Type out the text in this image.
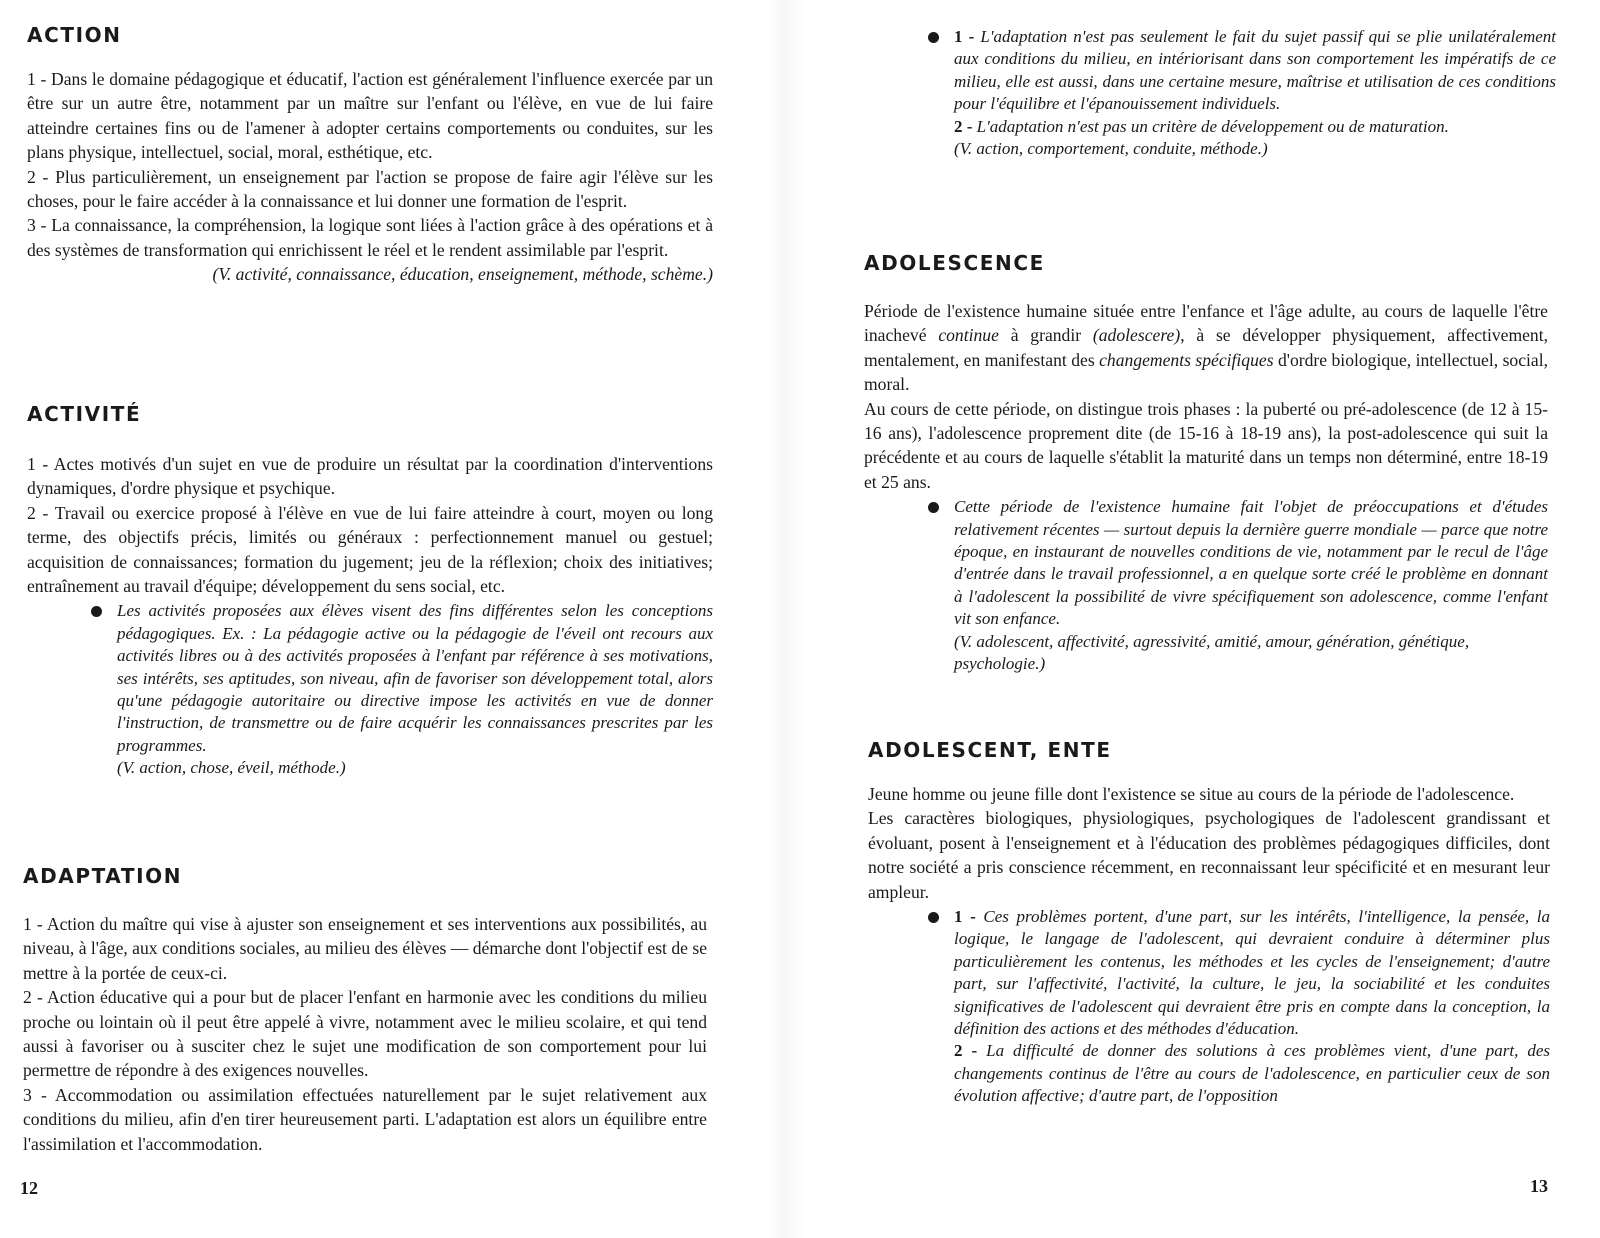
ACTION

1 - Dans le domaine pédagogique et éducatif, l'action est généralement l'influence exercée par un être sur un autre être, notamment par un maître sur l'enfant ou l'élève, en vue de lui faire atteindre certaines fins ou de l'amener à adopter certains comportements ou conduites, sur les plans physique, intellectuel, social, moral, esthétique, etc.

2 - Plus particulièrement, un enseignement par l'action se propose de faire agir l'élève sur les choses, pour le faire accéder à la connaissance et lui donner une formation de l'esprit.

3 - La connaissance, la compréhension, la logique sont liées à l'action grâce à des opérations et à des systèmes de transformation qui enrichissent le réel et le rendent assimilable par l'esprit.

(V. activité, connaissance, éducation, enseignement, méthode, schème.)

ACTIVITÉ

1 - Actes motivés d'un sujet en vue de produire un résultat par la coordination d'interventions dynamiques, d'ordre physique et psychique.

2 - Travail ou exercice proposé à l'élève en vue de lui faire atteindre à court, moyen ou long terme, des objectifs précis, limités ou généraux : perfectionnement manuel ou gestuel; acquisition de connaissances; formation du jugement; jeu de la réflexion; choix des initiatives; entraînement au travail d'équipe; développement du sens social, etc.

Les activités proposées aux élèves visent des fins différentes selon les conceptions pédagogiques. Ex. : La pédagogie active ou la pédagogie de l'éveil ont recours aux activités libres ou à des activités proposées à l'enfant par référence à ses motivations, ses intérêts, ses aptitudes, son niveau, afin de favoriser son développement total, alors qu'une pédagogie autoritaire ou directive impose les activités en vue de donner l'instruction, de transmettre ou de faire acquérir les connaissances prescrites par les programmes.

(V. action, chose, éveil, méthode.)

ADAPTATION

1 - Action du maître qui vise à ajuster son enseignement et ses interventions aux possibilités, au niveau, à l'âge, aux conditions sociales, au milieu des élèves — démarche dont l'objectif est de se mettre à la portée de ceux-ci.

2 - Action éducative qui a pour but de placer l'enfant en harmonie avec les conditions du milieu proche ou lointain où il peut être appelé à vivre, notamment avec le milieu scolaire, et qui tend aussi à favoriser ou à susciter chez le sujet une modification de son comportement pour lui permettre de répondre à des exigences nouvelles.

3 - Accommodation ou assimilation effectuées naturellement par le sujet relativement aux conditions du milieu, afin d'en tirer heureusement parti. L'adaptation est alors un équilibre entre l'assimilation et l'accommodation.

12

1 - L'adaptation n'est pas seulement le fait du sujet passif qui se plie unilatéralement aux conditions du milieu, en intériorisant dans son comportement les impératifs de ce milieu, elle est aussi, dans une certaine mesure, maîtrise et utilisation de ces conditions pour l'équilibre et l'épanouissement individuels.

2 - L'adaptation n'est pas un critère de développement ou de maturation.

(V. action, comportement, conduite, méthode.)

ADOLESCENCE

Période de l'existence humaine située entre l'enfance et l'âge adulte, au cours de laquelle l'être inachevé continue à grandir (adolescere), à se développer physiquement, affectivement, mentalement, en manifestant des changements spécifiques d'ordre biologique, intellectuel, social, moral.

Au cours de cette période, on distingue trois phases : la puberté ou pré-adolescence (de 12 à 15-16 ans), l'adolescence proprement dite (de 15-16 à 18-19 ans), la post-adolescence qui suit la précédente et au cours de laquelle s'établit la maturité dans un temps non déterminé, entre 18-19 et 25 ans.

Cette période de l'existence humaine fait l'objet de préoccupations et d'études relativement récentes — surtout depuis la dernière guerre mondiale — parce que notre époque, en instaurant de nouvelles conditions de vie, notamment par le recul de l'âge d'entrée dans le travail professionnel, a en quelque sorte créé le problème en donnant à l'adolescent la possibilité de vivre spécifiquement son adolescence, comme l'enfant vit son enfance.

(V. adolescent, affectivité, agressivité, amitié, amour, génération, génétique, psychologie.)

ADOLESCENT, ENTE

Jeune homme ou jeune fille dont l'existence se situe au cours de la période de l'adolescence.

Les caractères biologiques, physiologiques, psychologiques de l'adolescent grandissant et évoluant, posent à l'enseignement et à l'éducation des problèmes pédagogiques difficiles, dont notre société a pris conscience récemment, en reconnaissant leur spécificité et en mesurant leur ampleur.

1 - Ces problèmes portent, d'une part, sur les intérêts, l'intelligence, la pensée, la logique, le langage de l'adolescent, qui devraient conduire à déterminer plus particulièrement les contenus, les méthodes et les cycles de l'enseignement; d'autre part, sur l'affectivité, l'activité, la culture, le jeu, la sociabilité et les conduites significatives de l'adolescent qui devraient être pris en compte dans la conception, la définition des actions et des méthodes d'éducation.

2 - La difficulté de donner des solutions à ces problèmes vient, d'une part, des changements continus de l'être au cours de l'adolescence, en particulier ceux de son évolution affective; d'autre part, de l'opposition

13
